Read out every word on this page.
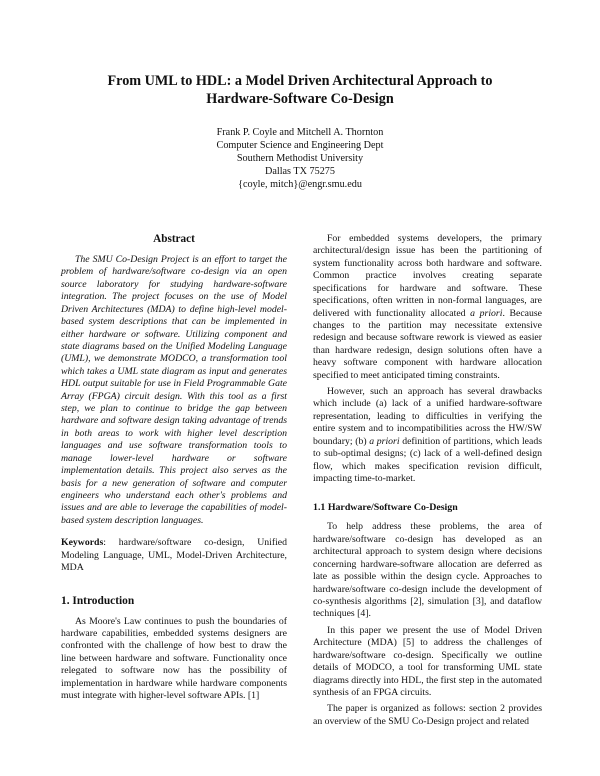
From UML to HDL: a Model Driven Architectural Approach to
Hardware-Software Co-Design
Frank P. Coyle and Mitchell A. Thornton
Computer Science and Engineering Dept
Southern Methodist University
Dallas TX 75275
{coyle, mitch}@engr.smu.edu
Abstract

The SMU Co-Design Project is an effort to target the problem of hardware/software co-design via an open source laboratory for studying hardware-software integration. The project focuses on the use of Model Driven Architectures (MDA) to define high-level model-based system descriptions that can be implemented in either hardware or software. Utilizing component and state diagrams based on the Unified Modeling Language (UML), we demonstrate MODCO, a transformation tool which takes a UML state diagram as input and generates HDL output suitable for use in Field Programmable Gate Array (FPGA) circuit design. With this tool as a first step, we plan to continue to bridge the gap between hardware and software design taking advantage of trends in both areas to work with higher level description languages and use software transformation tools to manage lower-level hardware or software implementation details. This project also serves as the basis for a new generation of software and computer engineers who understand each other's problems and issues and are able to leverage the capabilities of model-based system description languages.

Keywords: hardware/software co-design, Unified Modeling Language, UML, Model-Driven Architecture, MDA

1. Introduction

As Moore's Law continues to push the boundaries of hardware capabilities, embedded systems designers are confronted with the challenge of how best to draw the line between hardware and software. Functionality once relegated to software now has the possibility of implementation in hardware while hardware components must integrate with higher-level software APIs. [1]

For embedded systems developers, the primary architectural/design issue has been the partitioning of system functionality across both hardware and software. Common practice involves creating separate specifications for hardware and software. These specifications, often written in non-formal languages, are delivered with functionality allocated a priori. Because changes to the partition may necessitate extensive redesign and because software rework is viewed as easier than hardware redesign, design solutions often have a heavy software component with hardware allocation specified to meet anticipated timing constraints.

However, such an approach has several drawbacks which include (a) lack of a unified hardware-software representation, leading to difficulties in verifying the entire system and to incompatibilities across the HW/SW boundary; (b) a priori definition of partitions, which leads to sub-optimal designs; (c) lack of a well-defined design flow, which makes specification revision difficult, impacting time-to-market.

1.1 Hardware/Software Co-Design

To help address these problems, the area of hardware/software co-design has developed as an architectural approach to system design where decisions concerning hardware-software allocation are deferred as late as possible within the design cycle. Approaches to hardware/software co-design include the development of co-synthesis algorithms [2], simulation [3], and dataflow techniques [4].

In this paper we present the use of Model Driven Architecture (MDA) [5] to address the challenges of hardware/software co-design. Specifically we outline details of MODCO, a tool for transforming UML state diagrams directly into HDL, the first step in the automated synthesis of an FPGA circuits.

The paper is organized as follows: section 2 provides an overview of the SMU Co-Design project and related
